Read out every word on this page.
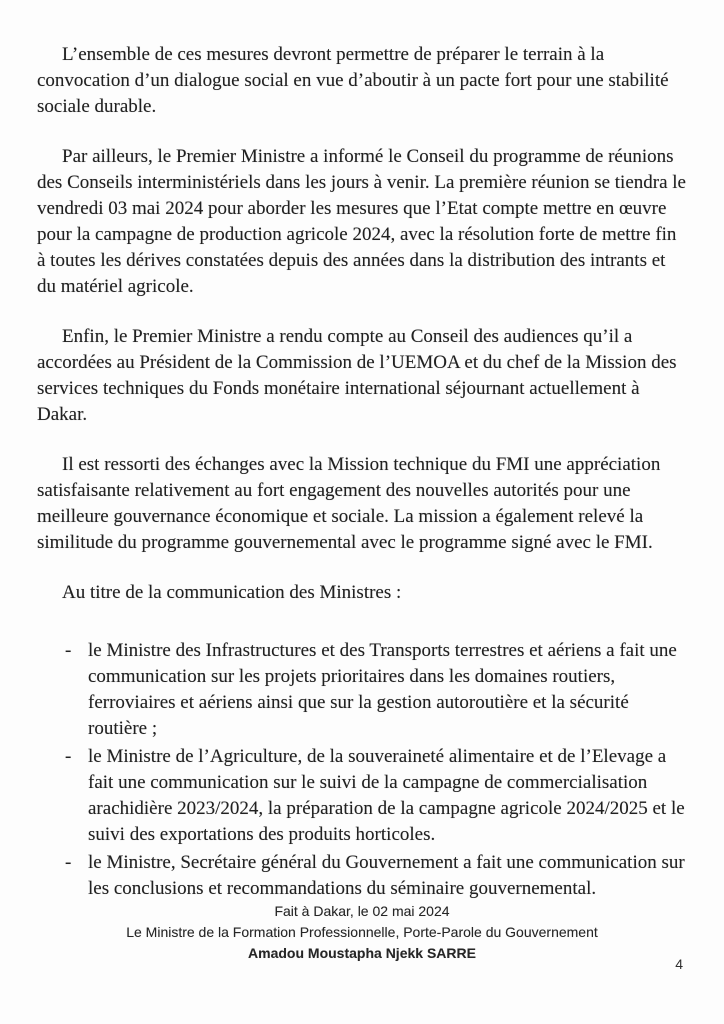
L’ensemble de ces mesures devront permettre de préparer le terrain à la convocation d’un dialogue social en vue d’aboutir à un pacte fort pour une stabilité sociale durable.

Par ailleurs, le Premier Ministre a informé le Conseil du programme de réunions des Conseils interministériels dans les jours à venir. La première réunion se tiendra le vendredi 03 mai 2024 pour aborder les mesures que l’Etat compte mettre en œuvre pour la campagne de production agricole 2024, avec la résolution forte de mettre fin à toutes les dérives constatées depuis des années dans la distribution des intrants et du matériel agricole.

Enfin, le Premier Ministre a rendu compte au Conseil des audiences qu’il a accordées au Président de la Commission de l’UEMOA et du chef de la Mission des services techniques du Fonds monétaire international séjournant actuellement à Dakar.

Il est ressorti des échanges avec la Mission technique du FMI une appréciation satisfaisante relativement au fort engagement des nouvelles autorités pour une meilleure gouvernance économique et sociale. La mission a également relevé la similitude du programme gouvernemental avec le programme signé avec le FMI.

Au titre de la communication des Ministres :

- le Ministre des Infrastructures et des Transports terrestres et aériens a fait une communication sur les projets prioritaires dans les domaines routiers, ferroviaires et aériens ainsi que sur la gestion autoroutière et la sécurité routière ;
- le Ministre de l’Agriculture, de la souveraineté alimentaire et de l’Elevage a fait une communication sur le suivi de la campagne de commercialisation arachidière 2023/2024, la préparation de la campagne agricole 2024/2025 et le suivi des exportations des produits horticoles.
- le Ministre, Secrétaire général du Gouvernement a fait une communication sur les conclusions et recommandations du séminaire gouvernemental.
Fait à Dakar, le 02 mai 2024
Le Ministre de la Formation Professionnelle, Porte-Parole du Gouvernement
Amadou Moustapha Njekk SARRE
4
